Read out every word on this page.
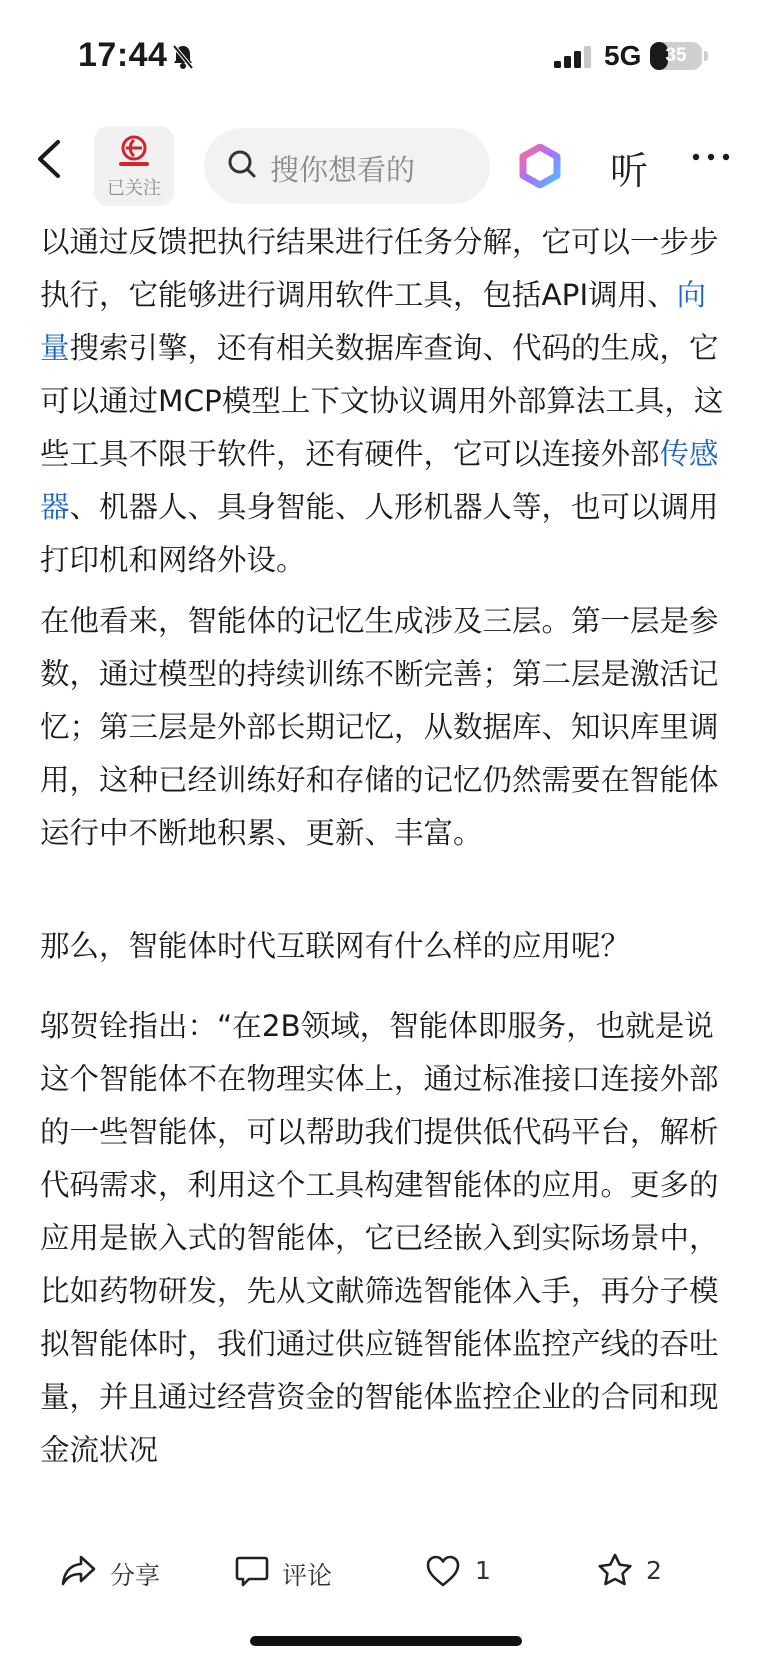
17:44	5G	35
已关注
搜你想看的	听

以通过反馈把执行结果进行任务分解，它可以一步步执行，它能够进行调用软件工具，包括API调用、向量搜索引擎，还有相关数据库查询、代码的生成，它可以通过MCP模型上下文协议调用外部算法工具，这些工具不限于软件，还有硬件，它可以连接外部传感器、机器人、具身智能、人形机器人等，也可以调用打印机和网络外设。

在他看来，智能体的记忆生成涉及三层。第一层是参数，通过模型的持续训练不断完善；第二层是激活记忆；第三层是外部长期记忆，从数据库、知识库里调用，这种已经训练好和存储的记忆仍然需要在智能体运行中不断地积累、更新、丰富。

那么，智能体时代互联网有什么样的应用呢？

邬贺铨指出：“在2B领域，智能体即服务，也就是说这个智能体不在物理实体上，通过标准接口连接外部的一些智能体，可以帮助我们提供低代码平台，解析代码需求，利用这个工具构建智能体的应用。更多的应用是嵌入式的智能体，它已经嵌入到实际场景中，比如药物研发，先从文献筛选智能体入手，再分子模拟智能体时，我们通过供应链智能体监控产线的吞吐量，并且通过经营资金的智能体监控企业的合同和现金流状况

分享	评论	1	2
